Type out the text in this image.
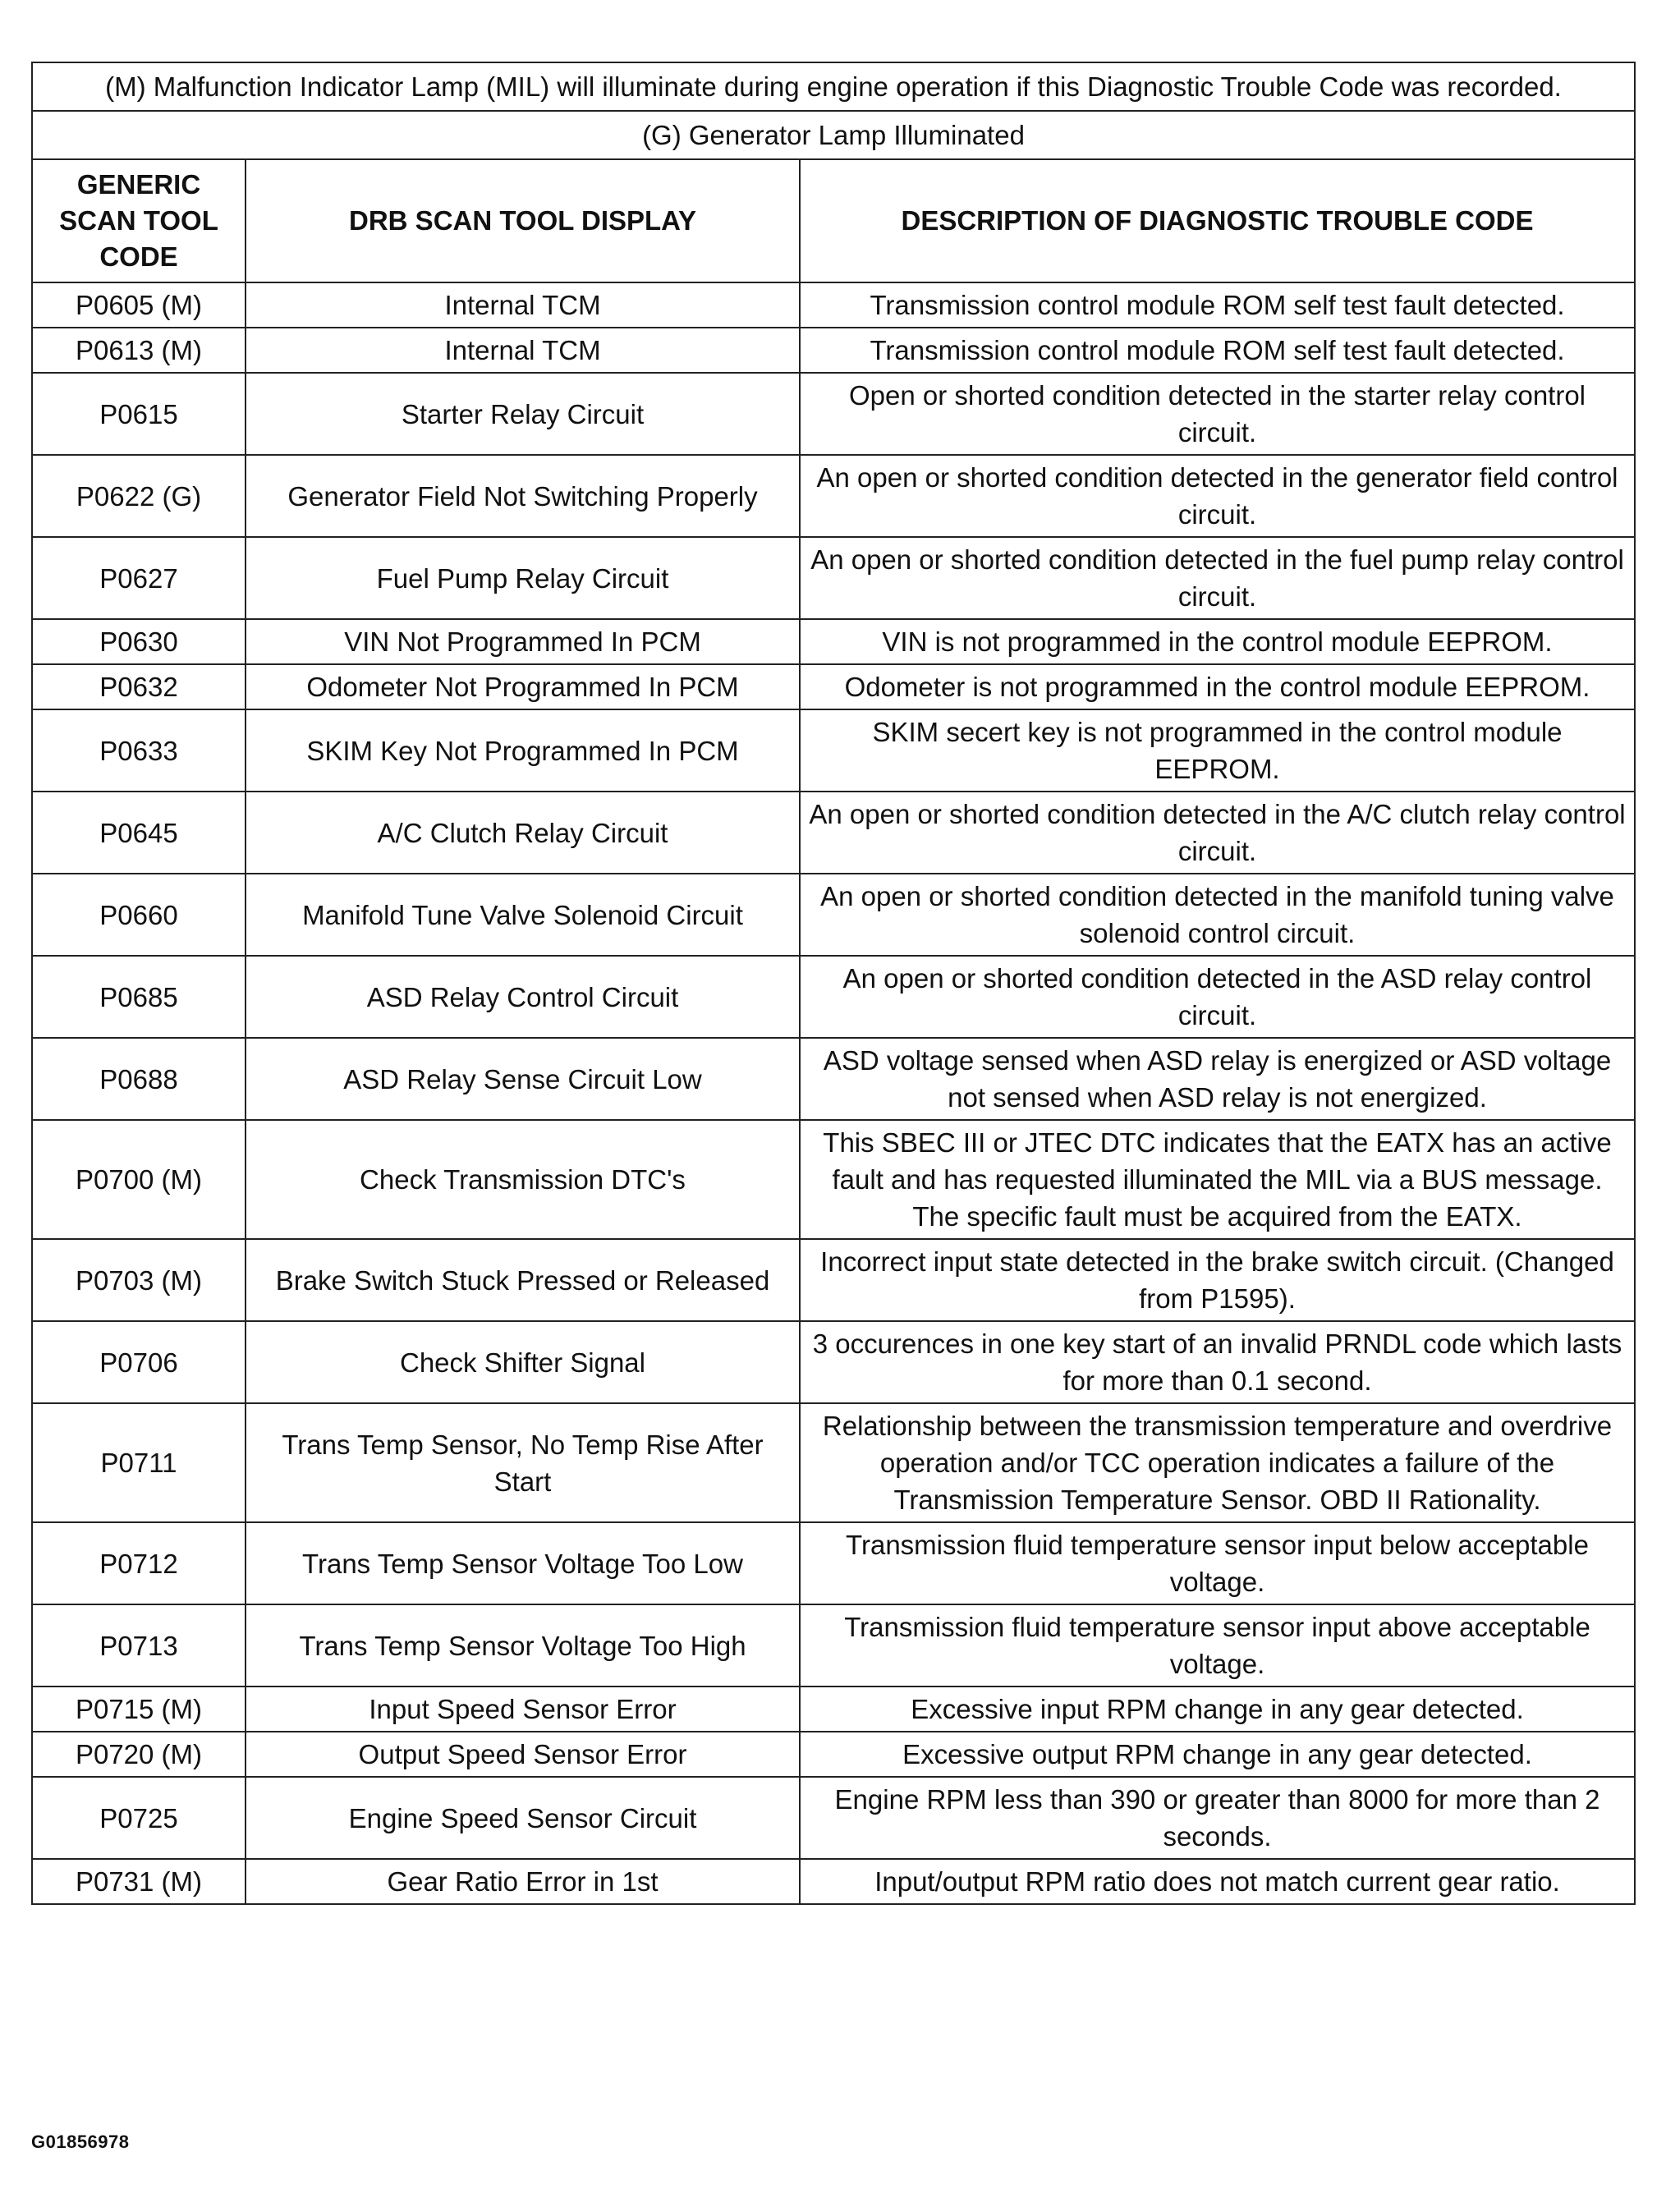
(M) Malfunction Indicator Lamp (MIL) will illuminate during engine operation if this Diagnostic Trouble Code was recorded.		
(G) Generator Lamp Illuminated		
GENERIC SCAN TOOL CODE	DRB SCAN TOOL DISPLAY	DESCRIPTION OF DIAGNOSTIC TROUBLE CODE
P0605 (M)	Internal TCM	Transmission control module ROM self test fault detected.
P0613 (M)	Internal TCM	Transmission control module ROM self test fault detected.
P0615	Starter Relay Circuit	Open or shorted condition detected in the starter relay control circuit.
P0622 (G)	Generator Field Not Switching Properly	An open or shorted condition detected in the generator field control circuit.
P0627	Fuel Pump Relay Circuit	An open or shorted condition detected in the fuel pump relay control circuit.
P0630	VIN Not Programmed In PCM	VIN is not programmed in the control module EEPROM.
P0632	Odometer Not Programmed In PCM	Odometer is not programmed in the control module EEPROM.
P0633	SKIM Key Not Programmed In PCM	SKIM secert key is not programmed in the control module EEPROM.
P0645	A/C Clutch Relay Circuit	An open or shorted condition detected in the A/C clutch relay control circuit.
P0660	Manifold Tune Valve Solenoid Circuit	An open or shorted condition detected in the manifold tuning valve solenoid control circuit.
P0685	ASD Relay Control Circuit	An open or shorted condition detected in the ASD relay control circuit.
P0688	ASD Relay Sense Circuit Low	ASD voltage sensed when ASD relay is energized or ASD voltage not sensed when ASD relay is not energized.
P0700 (M)	Check Transmission DTC's	This SBEC III or JTEC DTC indicates that the EATX has an active fault and has requested illuminated the MIL via a BUS message. The specific fault must be acquired from the EATX.
P0703 (M)	Brake Switch Stuck Pressed or Released	Incorrect input state detected in the brake switch circuit. (Changed from P1595).
P0706	Check Shifter Signal	3 occurences in one key start of an invalid PRNDL code which lasts for more than 0.1 second.
P0711	Trans Temp Sensor, No Temp Rise After Start	Relationship between the transmission temperature and overdrive operation and/or TCC operation indicates a failure of the Transmission Temperature Sensor. OBD II Rationality.
P0712	Trans Temp Sensor Voltage Too Low	Transmission fluid temperature sensor input below acceptable voltage.
P0713	Trans Temp Sensor Voltage Too High	Transmission fluid temperature sensor input above acceptable voltage.
P0715 (M)	Input Speed Sensor Error	Excessive input RPM change in any gear detected.
P0720 (M)	Output Speed Sensor Error	Excessive output RPM change in any gear detected.
P0725	Engine Speed Sensor Circuit	Engine RPM less than 390 or greater than 8000 for more than 2 seconds.
P0731 (M)	Gear Ratio Error in 1st	Input/output RPM ratio does not match current gear ratio.
G01856978
